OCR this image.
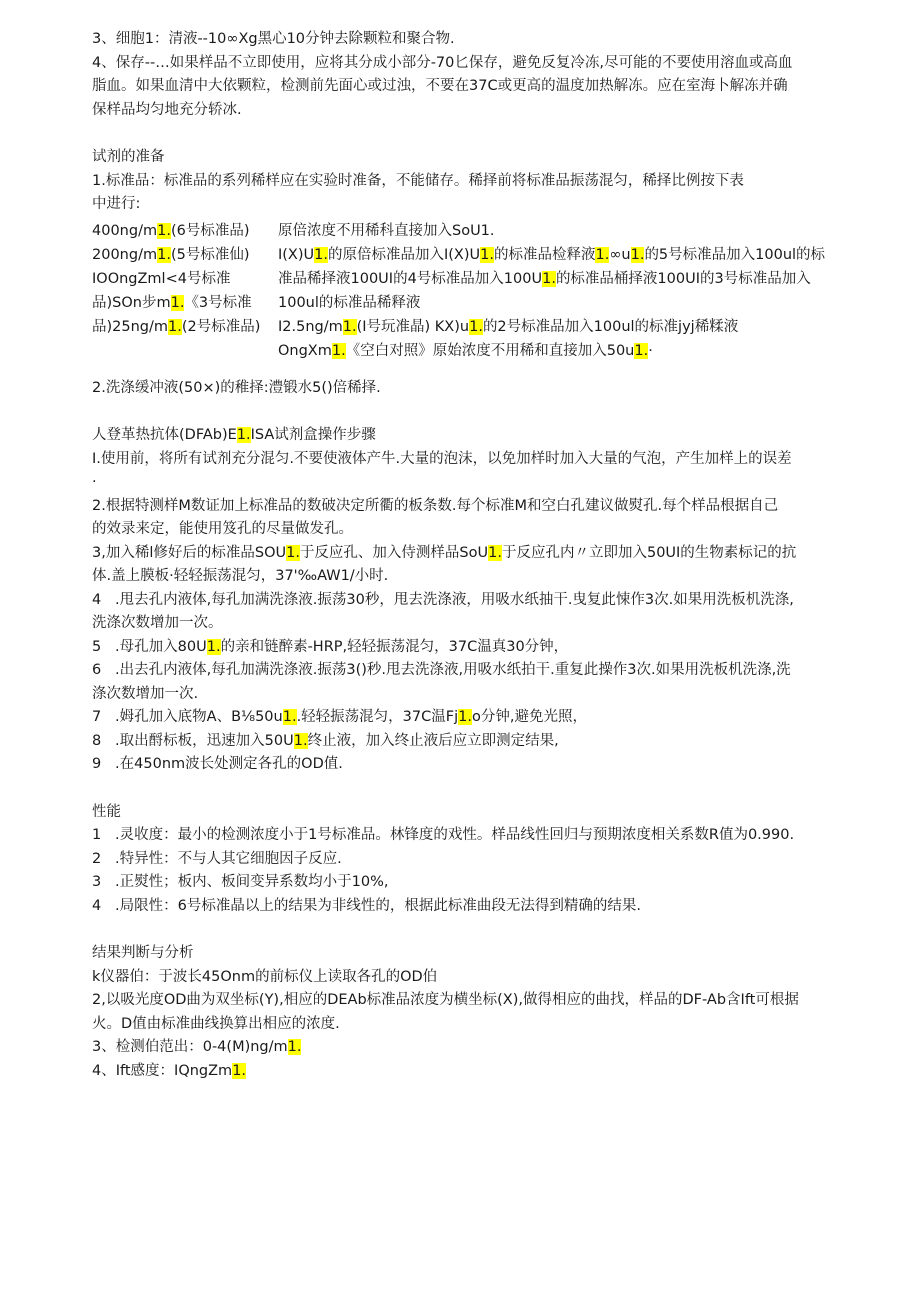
3、细胞1：清液--10∞Xg黑心10分钟去除颗粒和聚合物.
4、保存--…如果样品不立即使用，应将其分成小部分-70匕保存，避免反复冷冻,尽可能的不要使用溶血或高血
脂血。如果血清中大依颗粒，检测前先面心或过浊，不要在37C或更高的温度加热解冻。应在室海卜解冻并确
保样品均匀地充分轿冰.
试剂的准备
1.标准品：标准品的系列稀样应在实验时准备，不能储存。稀择前将标准品振荡混匀，稀择比例按下表
中进行:
400ng∕m1.(6号标准品)
200ng∕m1.(5号标准仙)
IOOngZml<4号标准
品)SOn步m1.《3号标准
品)25ng∕m1.(2号标准品)
原倍浓度不用稀科直接加入SoU1.
I(X)U1.的原倍标准品加入I(X)U1.的标准品检释液1.∞u1.的5号标准品加入100ul的标
准品稀择液100UI的4号标准品加入100U1.的标准品桶择液100UI的3号标准品加入
100ul的标准品稀释液
I2.5ng∕m1.(I号玩准晶) KX)u1.的2号标准品加入100ul的标准jyj稀糅液
OngXm1.《空白对照》原始浓度不用稀和直接加入50u1.·
2.洗涤缓冲液(50×)的稚择:澧锻水5()倍稀择.
人登革热抗体(DFAb)E1.ISA试剂盒操作步骤
I.使用前，将所有试剂充分混匀.不要使液体产牛.大量的泡沫，以免加样时加入大量的气泡，产生加样上的误差
·
2.根据特测样M数证加上标准品的数破决定所衢的板条数.每个标准M和空白孔建议做熨孔.每个样品根据自己
的效录来定，能使用笈孔的尽量做发孔。
3,加入稀l修好后的标准品SOU1.于反应孔、加入侍测样品SoU1.于反应孔内〃立即加入50UI的生物素标记的抗
体.盖上膜板·轻轻振荡混匀，37'‰AW1∕小时.
4   .甩去孔内液体,每孔加满洗涤液.振荡30秒，甩去洗涤液，用吸水纸抽干.曳复此悚作3次.如果用洗板机洗涤,
洗涤次数增加一次。
5   .母孔加入80U1.的亲和链醉素-HRP,轻轻振荡混匀，37C温真30分钟，
6   .出去孔内液体,每孔加满洗涤液.振荡3()秒.甩去洗涤液,用吸水纸拍干.重复此操作3次.如果用洗板机洗涤,洗
涤次数增加一次.
7   .姆孔加入底物A、B⅛50u1..轻轻振荡混匀，37C温Fj1.o分钟,避免光照，
8   .取出酹标板，迅速加入50U1.终止液，加入终止液后应立即测定结果,
9   .在450nm波长处测定各孔的OD值.
性能
1   .灵收度：最小的检测浓度小于1号标准品。林锋度的戏性。样品线性回归与预期浓度相关系数R值为0.990.
2   .特异性：不与人其它细胞因子反应.
3   .正熨性；板内、板间变异系数均小于10%,
4   .局限性：6号标准晶以上的结果为非线性的，根据此标准曲段无法得到精确的结果.
结果判断与分析
k仪器伯：于波长45Onm的前标仪上读取各孔的OD伯
2,以吸光度OD曲为双坐标(Y),相应的DEAb标准品浓度为横坐标(X),做得相应的曲找，样品的DF-Ab含Ift可根据
火。D值由标准曲线换算出相应的浓度.
3、检测伯范出：0-4(M)ng∕m1.
4、Ift感度：IQngZm1.
